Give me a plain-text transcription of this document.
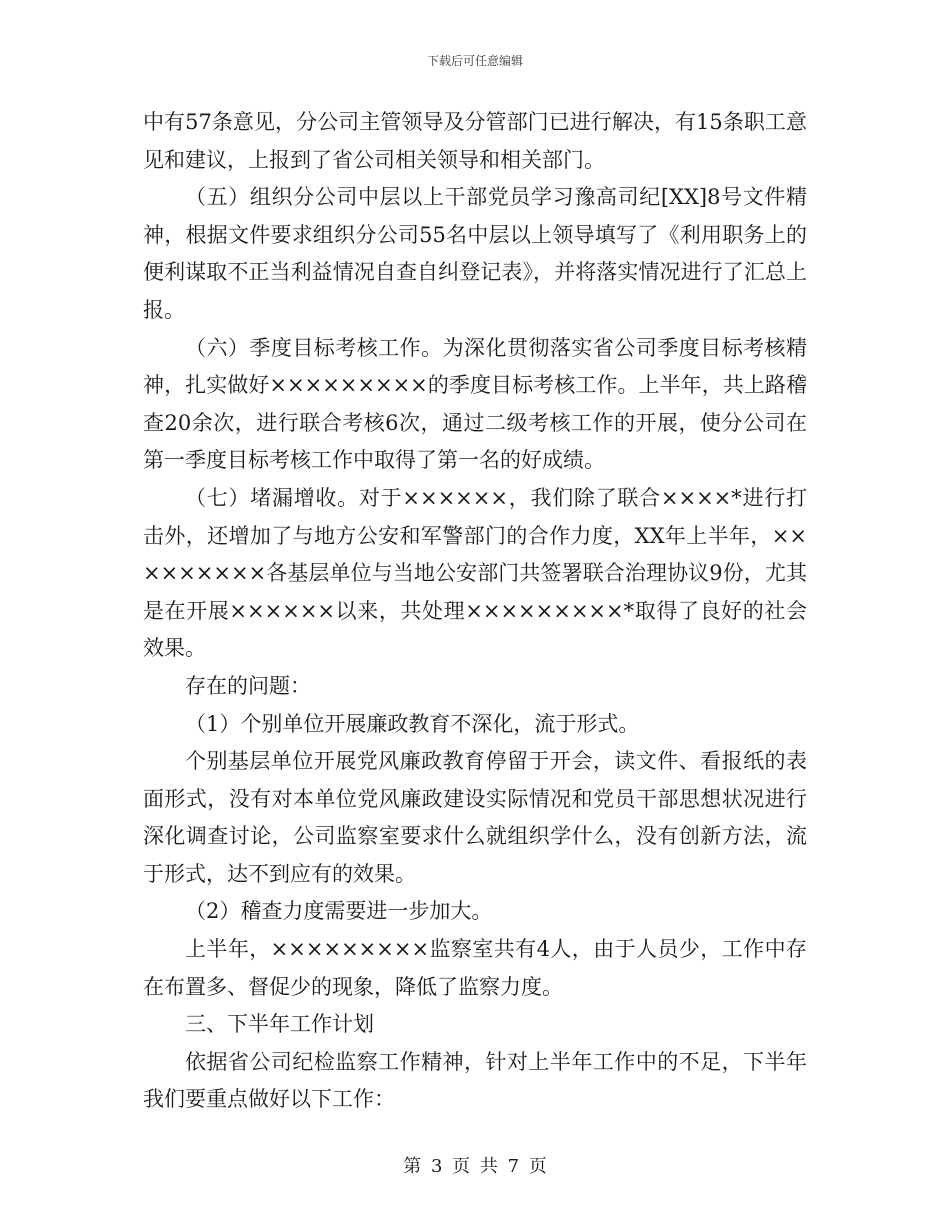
下载后可任意编辑

中有57条意见，分公司主管领导及分管部门已进行解决，有15条职工意见和建议，上报到了省公司相关领导和相关部门。

（五）组织分公司中层以上干部党员学习豫高司纪[XX]8号文件精神，根据文件要求组织分公司55名中层以上领导填写了《利用职务上的便利谋取不正当利益情况自查自纠登记表》，并将落实情况进行了汇总上报。

（六）季度目标考核工作。为深化贯彻落实省公司季度目标考核精神，扎实做好×××××××××的季度目标考核工作。上半年，共上路稽查20余次，进行联合考核6次，通过二级考核工作的开展，使分公司在第一季度目标考核工作中取得了第一名的好成绩。

（七）堵漏增收。对于××××××，我们除了联合××××*进行打击外，还增加了与地方公安和军警部门的合作力度，XX年上半年，×××××××××各基层单位与当地公安部门共签署联合治理协议9份，尤其是在开展××××××以来，共处理×××××××××*取得了良好的社会效果。

存在的问题：

（1）个别单位开展廉政教育不深化，流于形式。

个别基层单位开展党风廉政教育停留于开会，读文件、看报纸的表面形式，没有对本单位党风廉政建设实际情况和党员干部思想状况进行深化调查讨论，公司监察室要求什么就组织学什么，没有创新方法，流于形式，达不到应有的效果。

（2）稽查力度需要进一步加大。

上半年，×××××××××监察室共有4人，由于人员少，工作中存在布置多、督促少的现象，降低了监察力度。

三、下半年工作计划

依据省公司纪检监察工作精神，针对上半年工作中的不足，下半年我们要重点做好以下工作：

第 3 页 共 7 页
